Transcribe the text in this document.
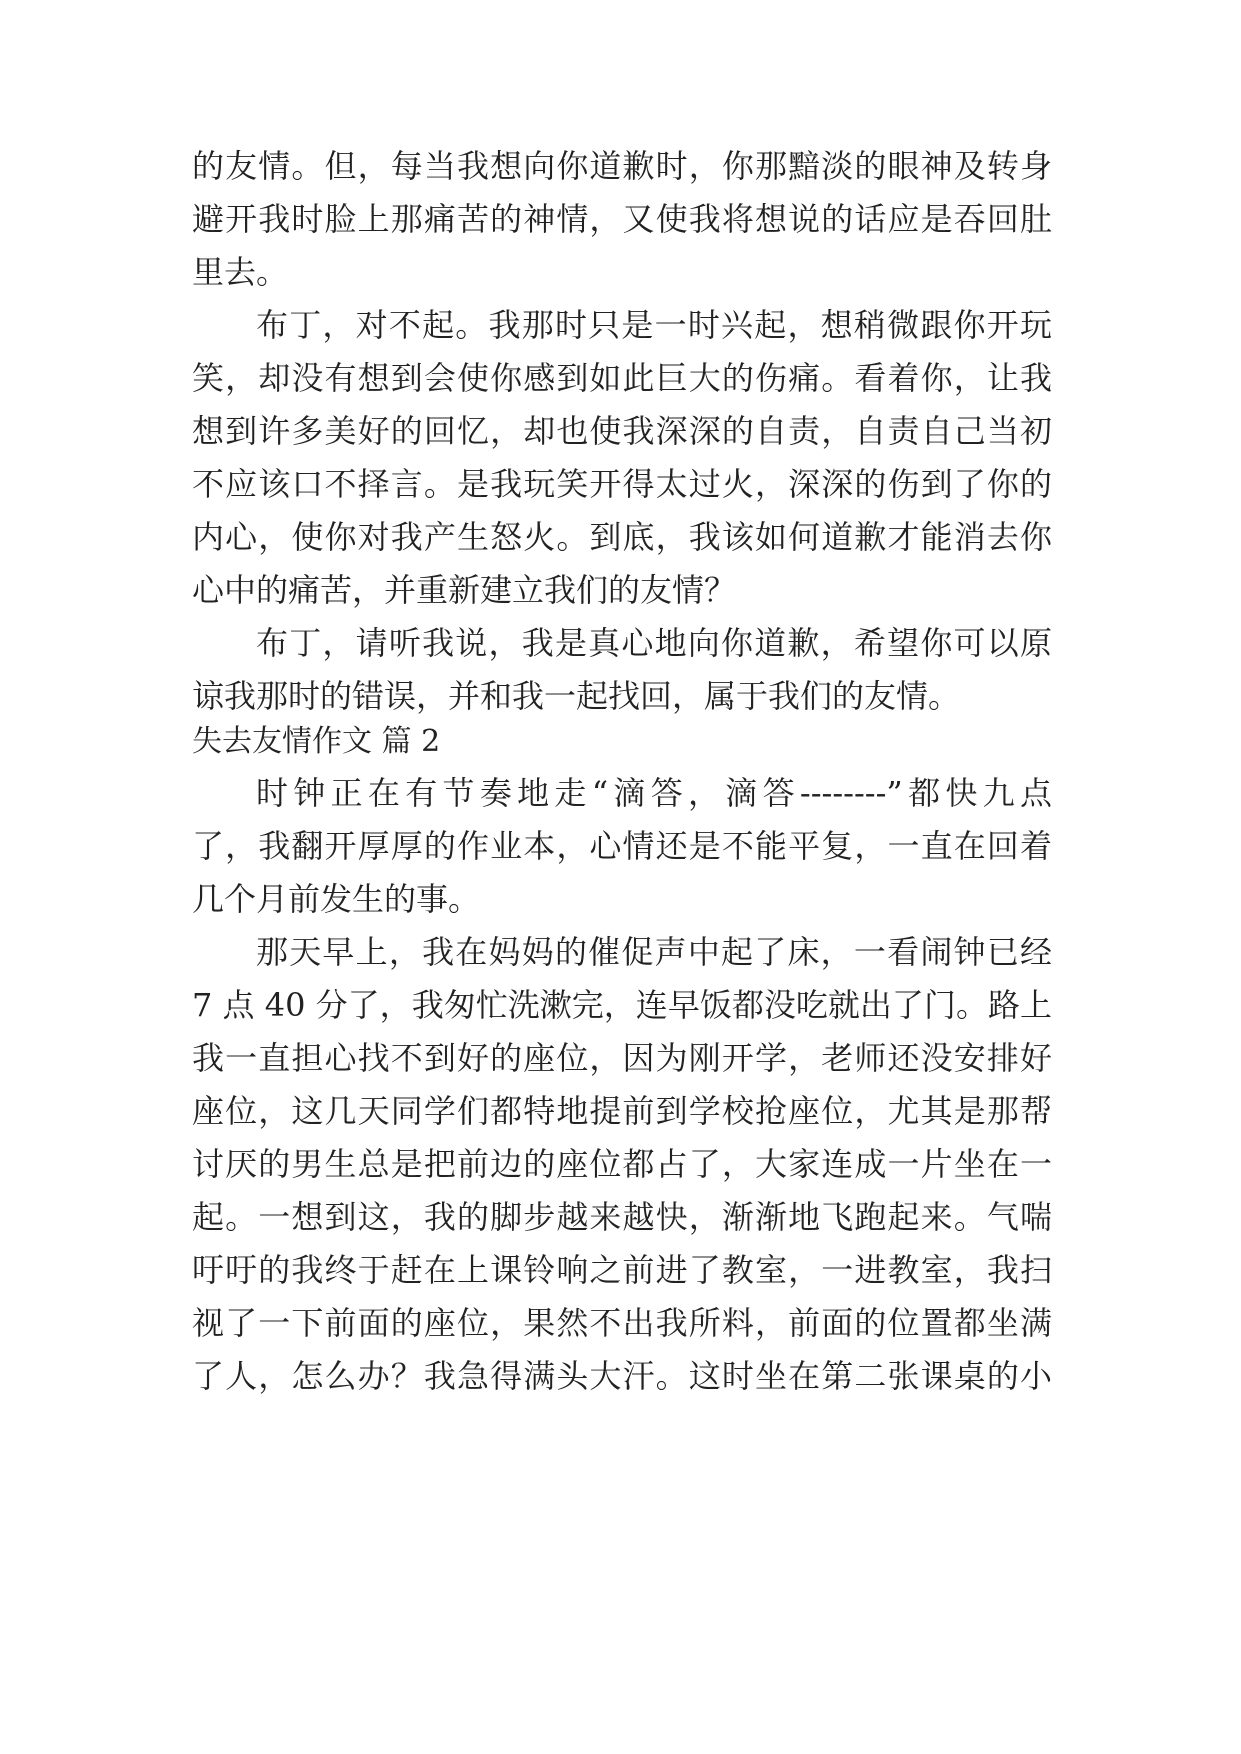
的友情。但，每当我想向你道歉时，你那黯淡的眼神及转身

避开我时脸上那痛苦的神情，又使我将想说的话应是吞回肚

里去。

布丁，对不起。我那时只是一时兴起，想稍微跟你开玩

笑，却没有想到会使你感到如此巨大的伤痛。看着你，让我

想到许多美好的回忆，却也使我深深的自责，自责自己当初

不应该口不择言。是我玩笑开得太过火，深深的伤到了你的

内心，使你对我产生怒火。到底，我该如何道歉才能消去你

心中的痛苦，并重新建立我们的友情？

布丁，请听我说，我是真心地向你道歉，希望你可以原

谅我那时的错误，并和我一起找回，属于我们的友情。

失去友情作文 篇 2

时钟正在有节奏地走“滴答，滴答--------”都快九点

了，我翻开厚厚的作业本，心情还是不能平复，一直在回着

几个月前发生的事。

那天早上，我在妈妈的催促声中起了床，一看闹钟已经

7 点 40 分了，我匆忙洗漱完，连早饭都没吃就出了门。路上

我一直担心找不到好的座位，因为刚开学，老师还没安排好

座位，这几天同学们都特地提前到学校抢座位，尤其是那帮

讨厌的男生总是把前边的座位都占了，大家连成一片坐在一

起。一想到这，我的脚步越来越快，渐渐地飞跑起来。气喘

吁吁的我终于赶在上课铃响之前进了教室，一进教室，我扫

视了一下前面的座位，果然不出我所料，前面的位置都坐满

了人，怎么办？我急得满头大汗。这时坐在第二张课桌的小
